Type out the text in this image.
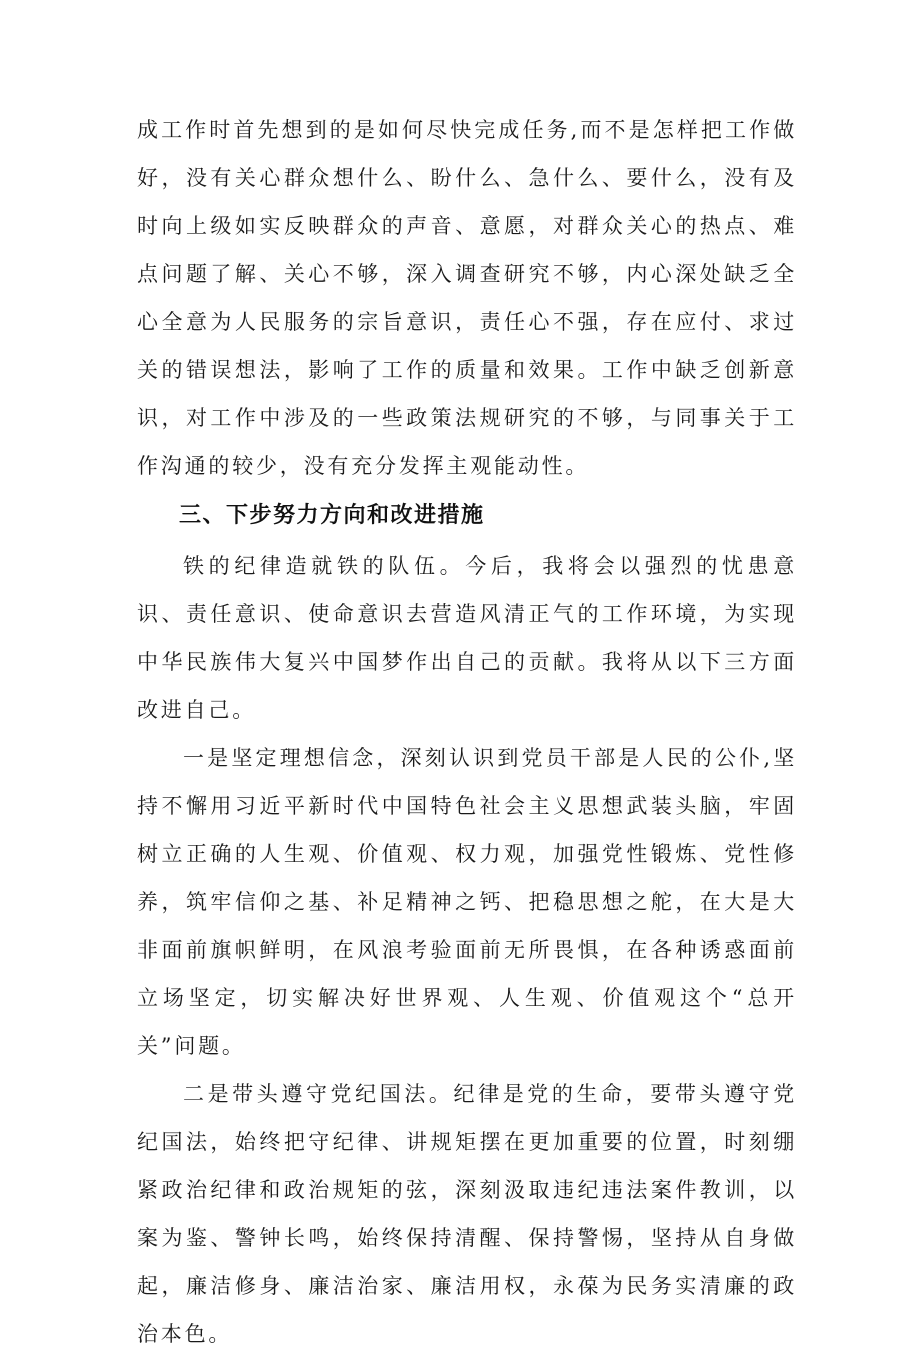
成工作时首先想到的是如何尽快完成任务,而不是怎样把工作做好，没有关心群众想什么、盼什么、急什么、要什么，没有及时向上级如实反映群众的声音、意愿，对群众关心的热点、难点问题了解、关心不够，深入调查研究不够，内心深处缺乏全心全意为人民服务的宗旨意识，责任心不强，存在应付、求过关的错误想法，影响了工作的质量和效果。工作中缺乏创新意识，对工作中涉及的一些政策法规研究的不够，与同事关于工作沟通的较少，没有充分发挥主观能动性。

三、下步努力方向和改进措施

铁的纪律造就铁的队伍。今后，我将会以强烈的忧患意识、责任意识、使命意识去营造风清正气的工作环境，为实现中华民族伟大复兴中国梦作出自己的贡献。我将从以下三方面改进自己。

一是坚定理想信念，深刻认识到党员干部是人民的公仆,坚持不懈用习近平新时代中国特色社会主义思想武装头脑，牢固树立正确的人生观、价值观、权力观，加强党性锻炼、党性修养，筑牢信仰之基、补足精神之钙、把稳思想之舵，在大是大非面前旗帜鲜明，在风浪考验面前无所畏惧，在各种诱惑面前立场坚定，切实解决好世界观、人生观、价值观这个“总开关”问题。

二是带头遵守党纪国法。纪律是党的生命，要带头遵守党纪国法，始终把守纪律、讲规矩摆在更加重要的位置，时刻绷紧政治纪律和政治规矩的弦，深刻汲取违纪违法案件教训，以案为鉴、警钟长鸣，始终保持清醒、保持警惕，坚持从自身做起，廉洁修身、廉洁治家、廉洁用权，永葆为民务实清廉的政治本色。
